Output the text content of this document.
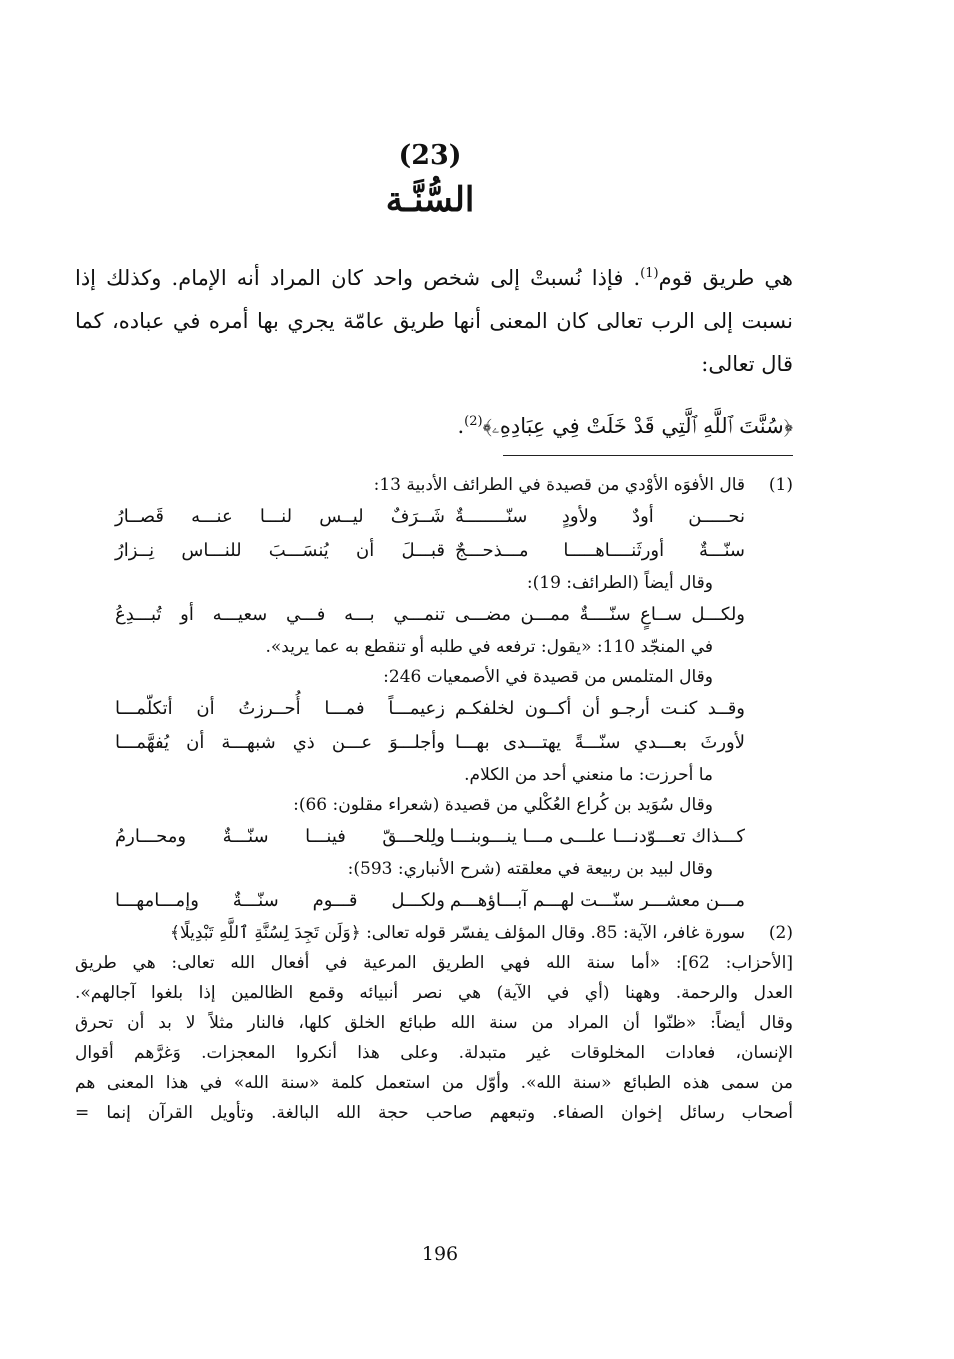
(23)
السُّنَّـة

هي طريق قوم$^{(1)}$. فإذا نُسبتْ إلى شخص واحد كان المراد أنه الإمام. وكذلك إذا نسبت إلى الرب تعالى كان المعنى أنها طريق عامّة يجري بها أمره في عباده، كما قال تعالى:

﴿سُنَّتَ ٱللَّهِ ٱلَّتِي قَدْ خَلَتْ فِي عِبَادِهِۦ﴾$^{(2)}$.
(1)
قال الأفوَه الأوْدي من قصيدة في الطرائف الأدبية 13:
نحـــــن أودٌ ولأودٍ سنّــــــــةٌ
شَــرَفٌ ليــس لنـــا عنـــه قَصــارُ
سنّـــةٌ أورثَنــــاهـــــا مـــذحـــجٌ
قبـــلَ أن يُنسَـــبَ للنـــاس نِــزارُ
وقال أيضاً (الطرائف: 19):
ولكـــل ســاعٍ سنّــــةٌ ممـــن مضـــى
تنمـــي بـــه فـــي سعيـــه أو تُبـــدِعُ
في المنجّد 110: «يقول: ترفعه في طلبه أو تنقطع به عما يريد».
وقال المتلمس من قصيدة في الأصمعيات 246:
وقــد كنـت أرجـو أن أكــون لخلفكـم
زعيمـــاً فمـــا أُحــرزتُ أن أتكلّمـــا
لأورثَ بعـــدي سنّـــةً يهتـــدى بهـــا
وأجلـــوَ عـــن ذي شبهـــة أن يُفهَّمـــا
ما أحرزت: ما منعني أحد من الكلام.
وقال سُوَيد بن كُراع العُكْلي من قصيدة (شعراء مقلون: 66):
كـــذاك تعـــوّدنـــا علـــى مـــا ينـــوبنـــا
ولِلحـــقّ فينـــا سنّـــةٌ ومحـــارمُ
وقال لبيد بن ربيعة في معلقته (شرح الأنباري: 593):
مـــن معشـــر سنّـــت لهـــم آبـــاؤهـــم
ولكـــل قـــوم سنّـــةٌ وإمـــامهـــا
(2)
سورة غافر، الآية: 85. وقال المؤلف يفسّر قوله تعالى: ﴿وَلَن تَجِدَ لِسُنَّةِ ٱللَّهِ تَبْدِيلًا﴾
[الأحزاب: 62]: «أما سنة الله فهي الطريق المرعية في أفعال الله تعالى: هي طريق
العدل والرحمة. وههنا (أي في الآية) هي نصر أنبيائه وقمع الظالمين إذا بلغوا آجالهم».
وقال أيضاً: «ظنّوا أن المراد من سنة الله طبائع الخلق كلها، فالنار مثلاً لا بد أن تحرق
الإنسان، فعادات المخلوقات غير متبدلة. وعلى هذا أنكروا المعجزات. وَغرَّهم أقوال
من سمى هذه الطبائع «سنة الله». وأوّل من استعمل كلمة «سنة الله» في هذا المعنى هم
أصحاب رسائل إخوان الصفاء. وتبعهم صاحب حجة الله البالغة. وتأويل القرآن إنما =
196
